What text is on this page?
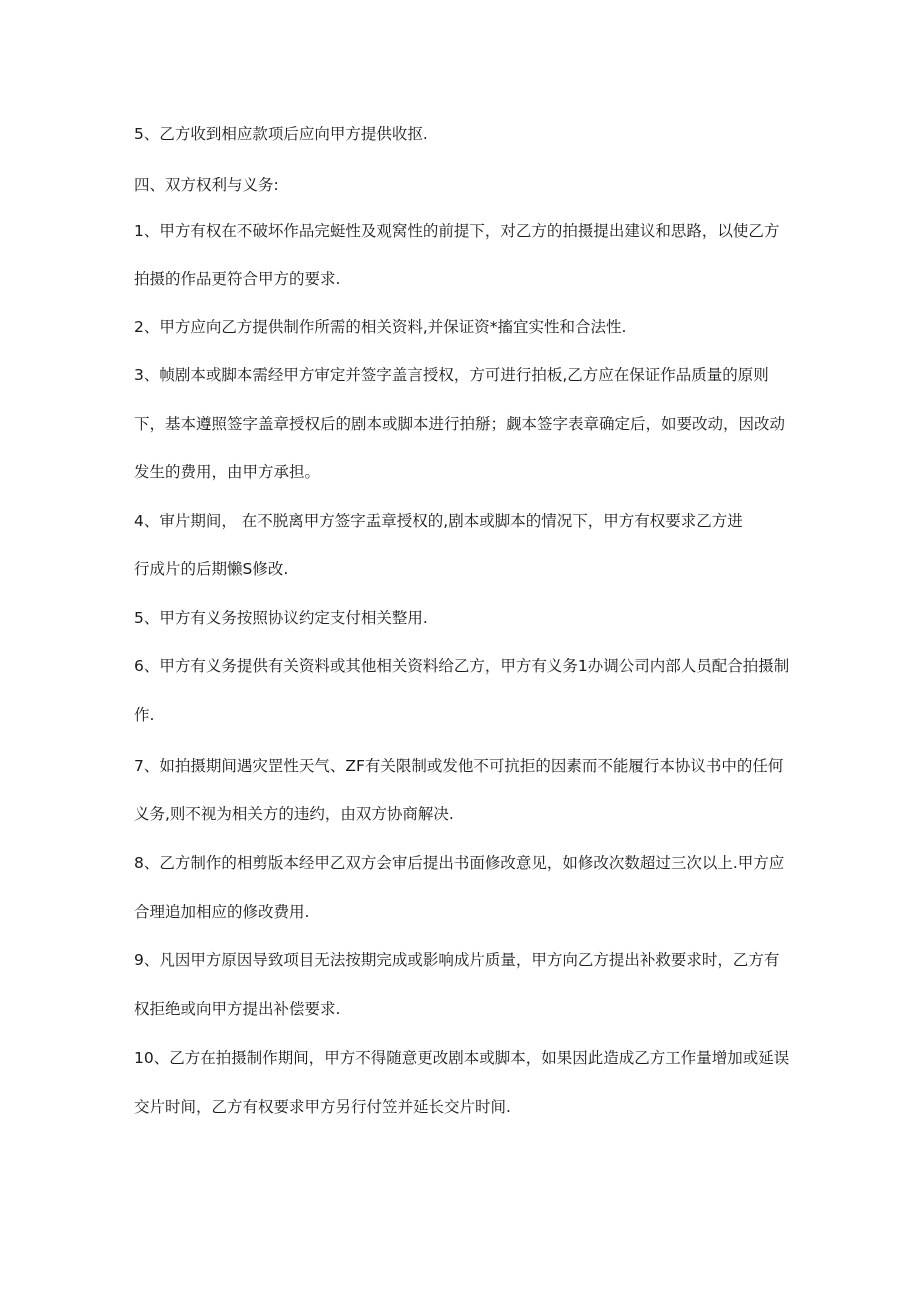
5、乙方收到相应款项后应向甲方提供收抠.

四、双方权利与义务:

1、甲方有权在不破坏作品完蜓性及观窝性的前提下，对乙方的拍摄提出建议和思路，以使乙方

拍摄的作品更符合甲方的要求.

2、甲方应向乙方提供制作所需的相关资料,并保证资*搐宜实性和合法性.

3、帧剧本或脚本需经甲方审定并签字盖言授权，方可进行拍板,乙方应在保证作品质量的原则

下，基本遵照签字盖章授权后的剧本或脚本进行拍掰；觑本签字表章确定后，如要改动，因改动

发生的费用，由甲方承担。

4、审片期间， 在不脱离甲方签字盂章授权的,剧本或脚本的情况下，甲方有权要求乙方进

行成片的后期懒S修改.

5、甲方有义务按照协议约定支付相关整用.

6、甲方有义务提供有关资料或其他相关资料给乙方，甲方有义务1办调公司内部人员配合拍摄制

作.

7、如拍摄期间遇灾罡性天气、ZF有关限制或发他不可抗拒的因素而不能履行本协议书中的任何

义务,则不视为相关方的违约，由双方协商解决.

8、乙方制作的相剪版本经甲乙双方会审后提出书面修改意见，如修改次数超过三次以上.甲方应

合理追加相应的修改费用.

9、凡因甲方原因导致项目无法按期完成或影响成片质量，甲方向乙方提出补救要求时，乙方有

权拒绝或向甲方提出补偿要求.

10、乙方在拍摄制作期间，甲方不得随意更改剧本或脚本，如果因此造成乙方工作量增加或延误

交片时间，乙方有权要求甲方另行付笠并延长交片时间.
